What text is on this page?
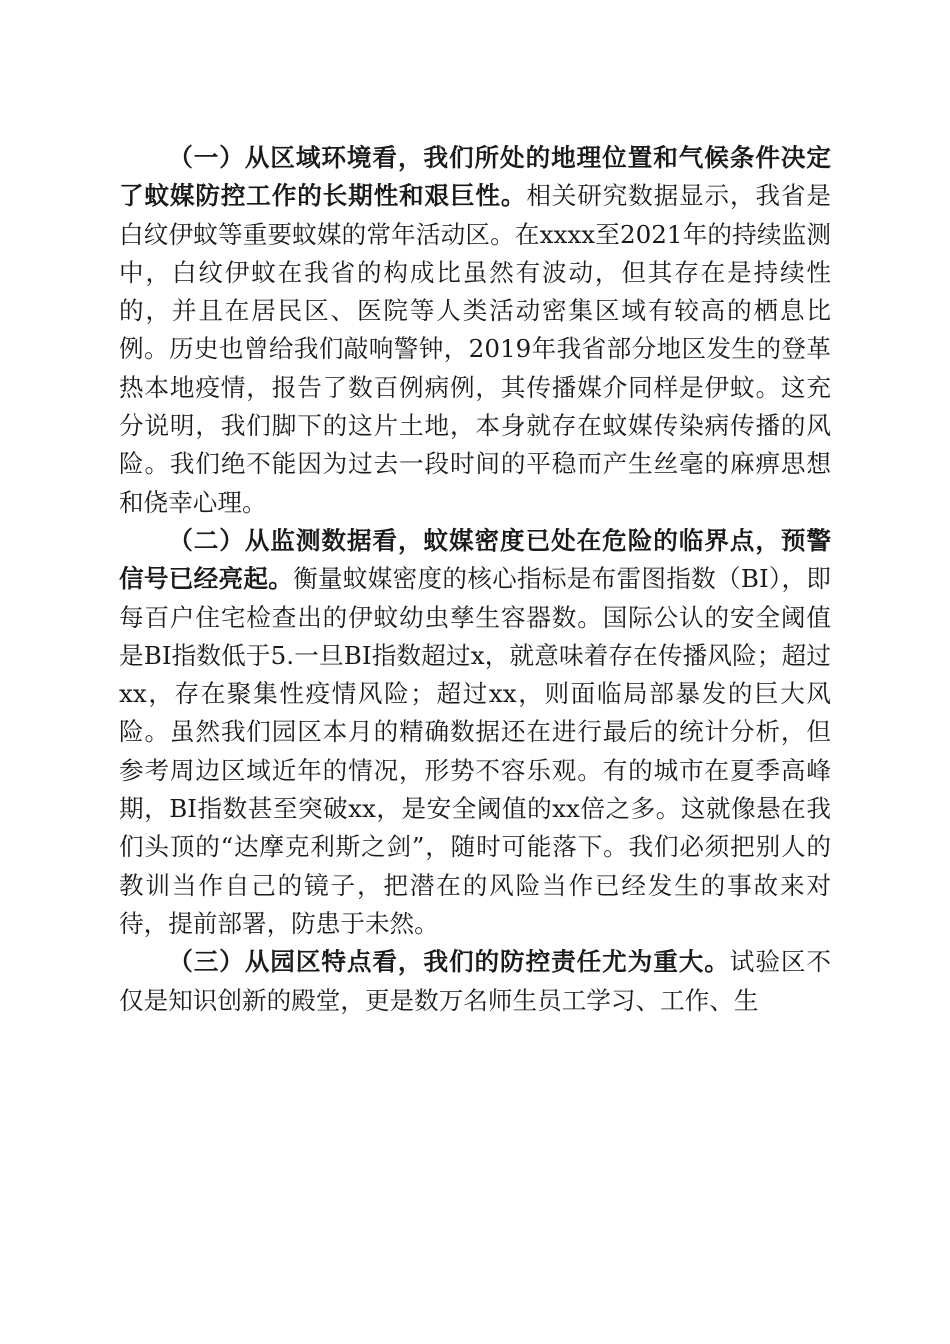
（一）从区域环境看，我们所处的地理位置和气候条件决定了蚊媒防控工作的长期性和艰巨性。相关研究数据显示，我省是白纹伊蚊等重要蚊媒的常年活动区。在xxxx至2021年的持续监测中，白纹伊蚊在我省的构成比虽然有波动，但其存在是持续性的，并且在居民区、医院等人类活动密集区域有较高的栖息比例。历史也曾给我们敲响警钟，2019年我省部分地区发生的登革热本地疫情，报告了数百例病例，其传播媒介同样是伊蚊。这充分说明，我们脚下的这片土地，本身就存在蚊媒传染病传播的风险。我们绝不能因为过去一段时间的平稳而产生丝毫的麻痹思想和侥幸心理。

（二）从监测数据看，蚊媒密度已处在危险的临界点，预警信号已经亮起。衡量蚊媒密度的核心指标是布雷图指数（BI），即每百户住宅检查出的伊蚊幼虫孳生容器数。国际公认的安全阈值是BI指数低于5.一旦BI指数超过x，就意味着存在传播风险；超过xx，存在聚集性疫情风险；超过xx，则面临局部暴发的巨大风险。虽然我们园区本月的精确数据还在进行最后的统计分析，但参考周边区域近年的情况，形势不容乐观。有的城市在夏季高峰期，BI指数甚至突破xx，是安全阈值的xx倍之多。这就像悬在我们头顶的“达摩克利斯之剑”，随时可能落下。我们必须把别人的教训当作自己的镜子，把潜在的风险当作已经发生的事故来对待，提前部署，防患于未然。

（三）从园区特点看，我们的防控责任尤为重大。试验区不仅是知识创新的殿堂，更是数万名师生员工学习、工作、生
